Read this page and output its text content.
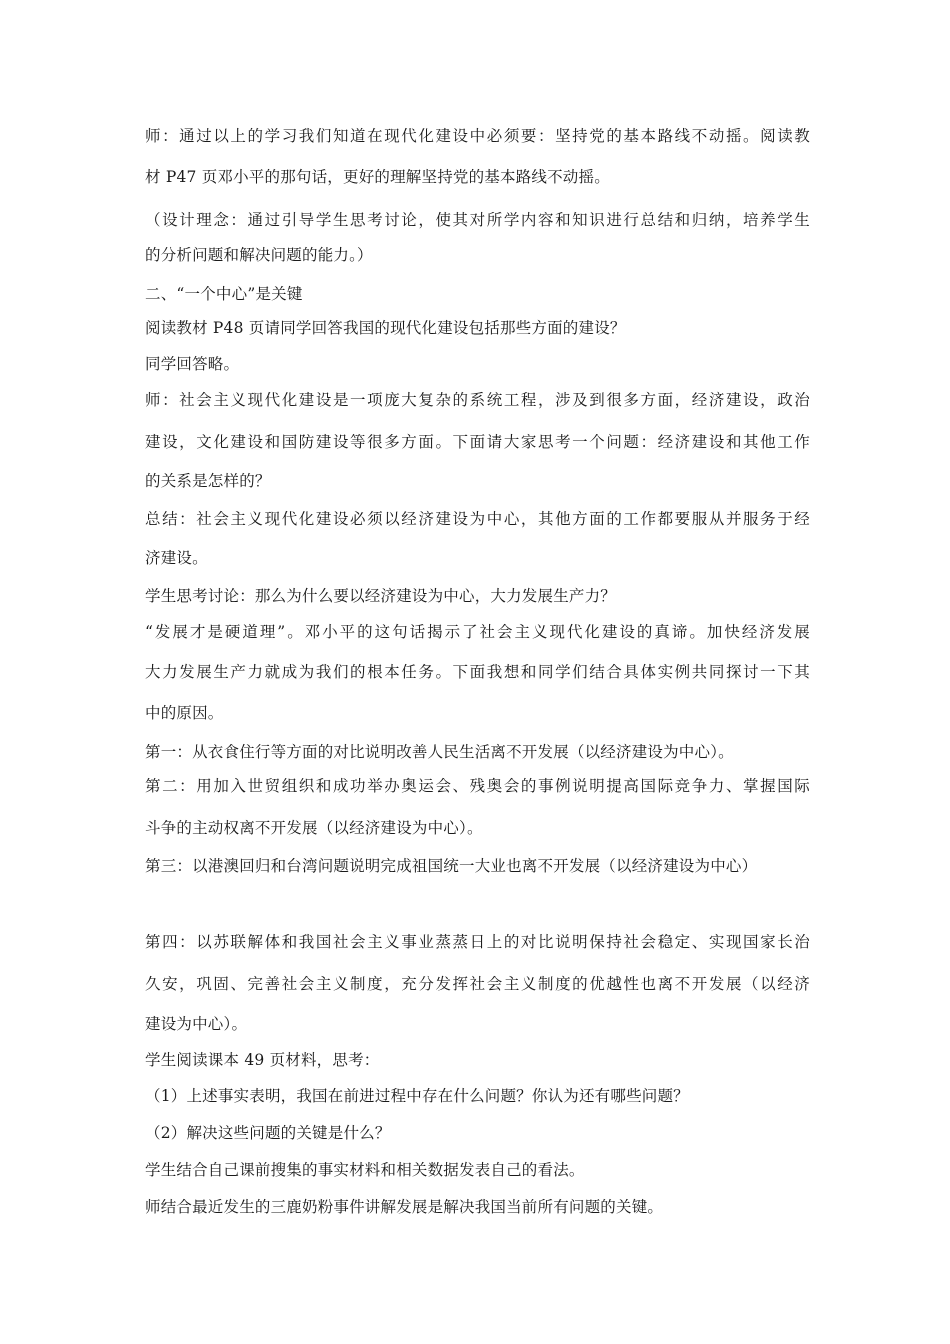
师：通过以上的学习我们知道在现代化建设中必须要：坚持党的基本路线不动摇。阅读教
材 P47 页邓小平的那句话，更好的理解坚持党的基本路线不动摇。
（设计理念：通过引导学生思考讨论，使其对所学内容和知识进行总结和归纳，培养学生
的分析问题和解决问题的能力。）
二、“一个中心”是关键
阅读教材 P48 页请同学回答我国的现代化建设包括那些方面的建设？
同学回答略。
师：社会主义现代化建设是一项庞大复杂的系统工程，涉及到很多方面，经济建设，政治
建设，文化建设和国防建设等很多方面。下面请大家思考一个问题：经济建设和其他工作
的关系是怎样的？
总结：社会主义现代化建设必须以经济建设为中心，其他方面的工作都要服从并服务于经
济建设。
学生思考讨论：那么为什么要以经济建设为中心，大力发展生产力？
“发展才是硬道理”。邓小平的这句话揭示了社会主义现代化建设的真谛。加快经济发展
大力发展生产力就成为我们的根本任务。下面我想和同学们结合具体实例共同探讨一下其
中的原因。
第一：从衣食住行等方面的对比说明改善人民生活离不开发展（以经济建设为中心）。
第二：用加入世贸组织和成功举办奥运会、残奥会的事例说明提高国际竞争力、掌握国际
斗争的主动权离不开发展（以经济建设为中心）。
第三：以港澳回归和台湾问题说明完成祖国统一大业也离不开发展（以经济建设为中心）
第四：以苏联解体和我国社会主义事业蒸蒸日上的对比说明保持社会稳定、实现国家长治
久安，巩固、完善社会主义制度，充分发挥社会主义制度的优越性也离不开发展（以经济
建设为中心）。
学生阅读课本 49 页材料，思考：
（1）上述事实表明，我国在前进过程中存在什么问题？你认为还有哪些问题？
（2）解决这些问题的关键是什么？
学生结合自己课前搜集的事实材料和相关数据发表自己的看法。
师结合最近发生的三鹿奶粉事件讲解发展是解决我国当前所有问题的关键。
